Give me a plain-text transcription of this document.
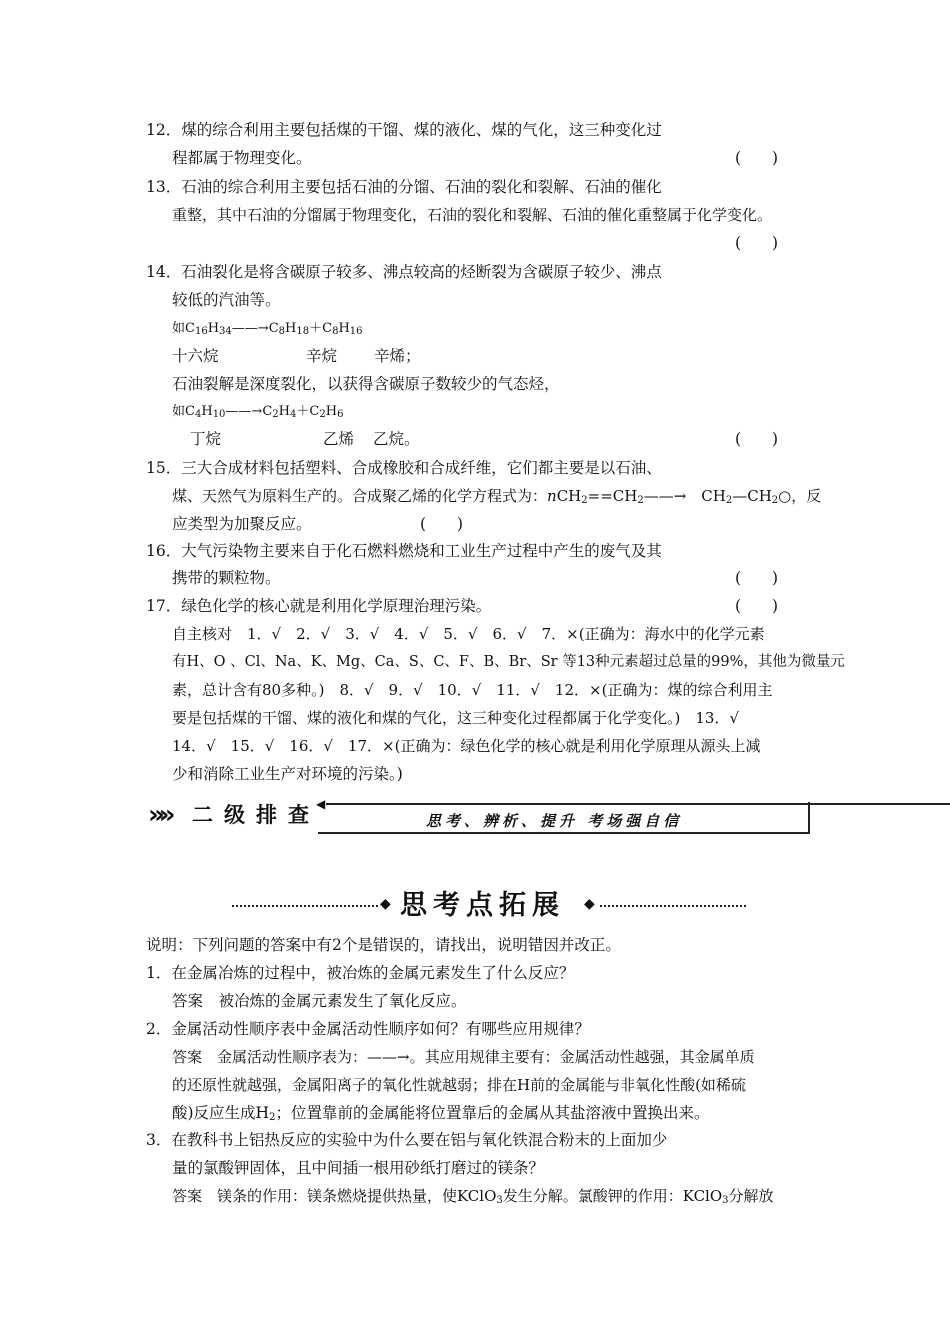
12．煤的综合利用主要包括煤的干馏、煤的液化、煤的气化，这三种变化过
程都属于物理变化。	(　　)
13．石油的综合利用主要包括石油的分馏、石油的裂化和裂解、石油的催化
重整，其中石油的分馏属于物理变化，石油的裂化和裂解、石油的催化重整属于化学变化。
(　　)
14．石油裂化是将含碳原子较多、沸点较高的烃断裂为含碳原子较少、沸点
较低的汽油等。
如$C_{16}H_{34}——\to C_8H_{18}+C_8H_{16}$
十六烷	辛烷 辛烯；
石油裂解是深度裂化，以获得含碳原子数较少的气态烃，
如$C_4H_{10}——\to C_2H_4+C_2H_6$
丁烷	乙烯 乙烷。	(　　)
15．三大合成材料包括塑料、合成橡胶和合成纤维，它们都主要是以石油、
煤、天然气为原料生产的。合成聚乙烯的化学方程式为：$nCH_2==CH_2——\to$　 $CH_2—CH_2○$，反
应类型为加聚反应。	(　　)
16．大气污染物主要来自于化石燃料燃烧和工业生产过程中产生的废气及其
携带的颗粒物。	(　　)
17．绿色化学的核心就是利用化学原理治理污染。	(　　)
自主核对　1．√　2．√　3．√　4．√　5．√　6．√　7．×(正确为：海水中的化学元素
有H、O 、Cl、Na、K、Mg、Ca、S、C、F、B、Br、Sr 等13种元素超过总量的99%，其他为微量元
素，总计含有80多种。)　8．√　9．√　10．√　11．√　12．×(正确为：煤的综合利用主
要是包括煤的干馏、煤的液化和煤的气化，这三种变化过程都属于化学变化。)　13．√
14．√　15．√　16．√　17．×(正确为：绿色化学的核心就是利用化学原理从源头上减
少和消除工业生产对环境的污染。)
»» 二级排查
◀
思考、辨析、提升 考场强自信
◆ 思考点拓展 ◆
说明：下列问题的答案中有2个是错误的，请找出，说明错因并改正。
1．在金属冶炼的过程中，被冶炼的金属元素发生了什么反应？
答案　被冶炼的金属元素发生了氧化反应。
2．金属活动性顺序表中金属活动性顺序如何？有哪些应用规律？
答案　金属活动性顺序表为：——→。其应用规律主要有：金属活动性越强，其金属单质
的还原性就越强，金属阳离子的氧化性就越弱；排在H前的金属能与非氧化性酸(如稀硫
酸)反应生成$H_2$；位置靠前的金属能将位置靠后的金属从其盐溶液中置换出来。
3．在教科书上铝热反应的实验中为什么要在铝与氧化铁混合粉末的上面加少
量的氯酸钾固体，且中间插一根用砂纸打磨过的镁条？
答案　镁条的作用：镁条燃烧提供热量，使KClO$_3$发生分解。氯酸钾的作用：KClO$_3$分解放
